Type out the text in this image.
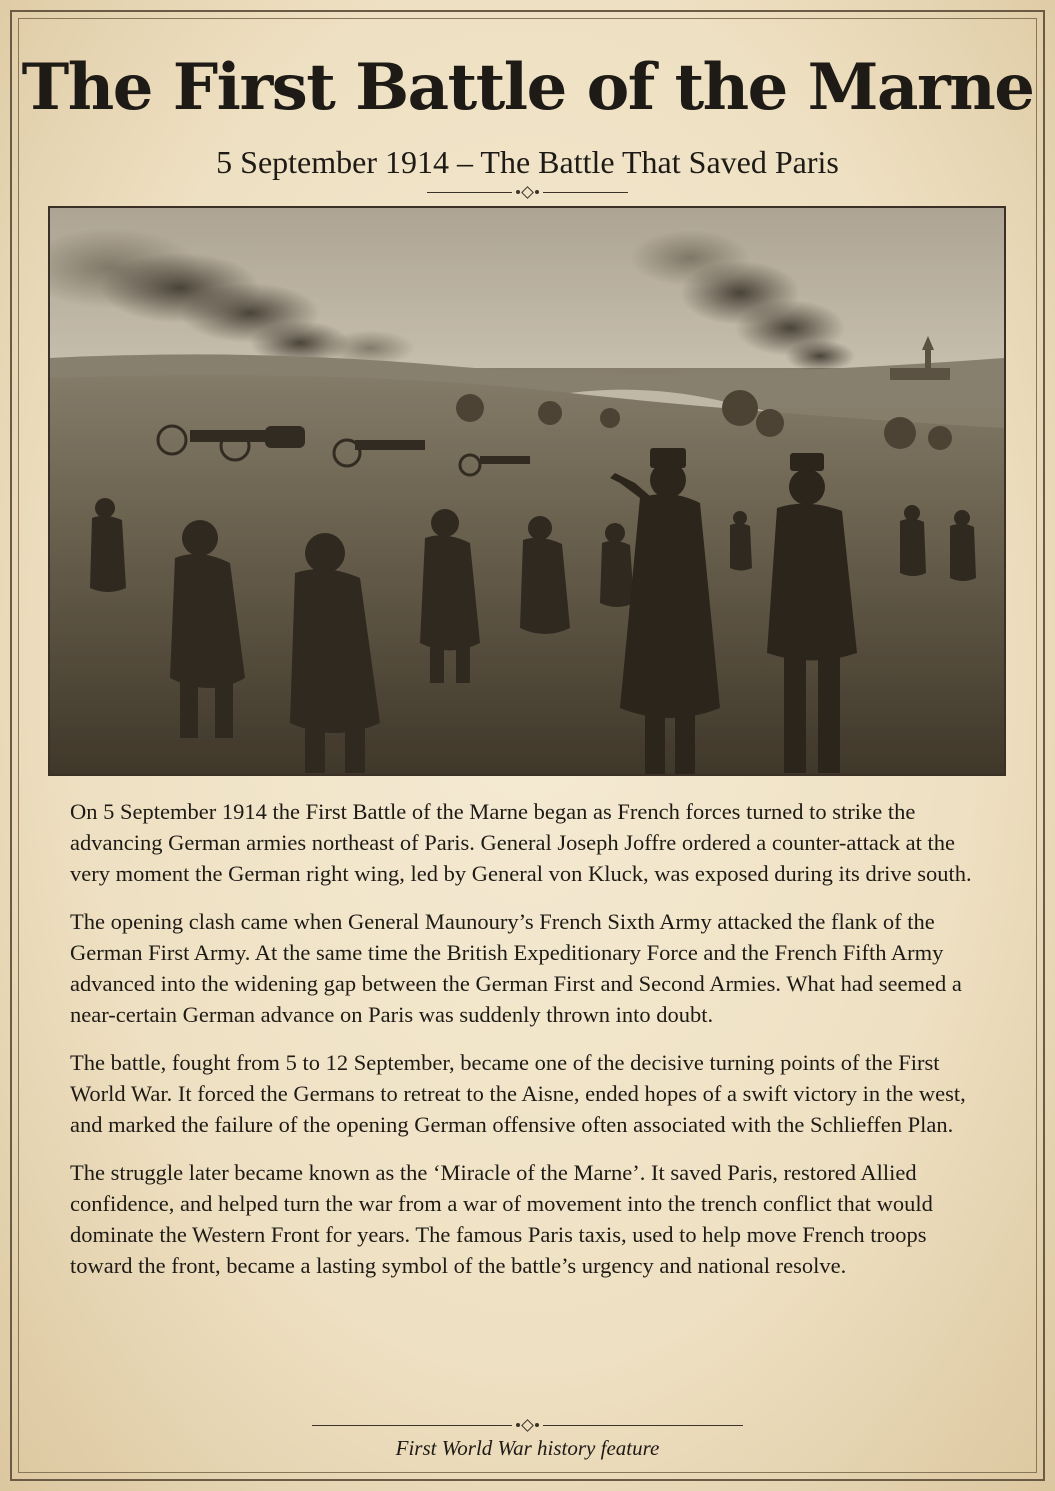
The First Battle of the Marne
5 September 1914 – The Battle That Saved Paris

On 5 September 1914 the First Battle of the Marne began as French forces turned to strike the advancing German armies northeast of Paris. General Joseph Joffre ordered a counter-attack at the very moment the German right wing, led by General von Kluck, was exposed during its drive south.

The opening clash came when General Maunoury’s French Sixth Army attacked the flank of the German First Army. At the same time the British Expeditionary Force and the French Fifth Army advanced into the widening gap between the German First and Second Armies. What had seemed a near-certain German advance on Paris was suddenly thrown into doubt.

The battle, fought from 5 to 12 September, became one of the decisive turning points of the First World War. It forced the Germans to retreat to the Aisne, ended hopes of a swift victory in the west, and marked the failure of the opening German offensive often associated with the Schlieffen Plan.

The struggle later became known as the ‘Miracle of the Marne’. It saved Paris, restored Allied confidence, and helped turn the war from a war of movement into the trench conflict that would dominate the Western Front for years. The famous Paris taxis, used to help move French troops toward the front, became a lasting symbol of the battle’s urgency and national resolve.

First World War history feature
